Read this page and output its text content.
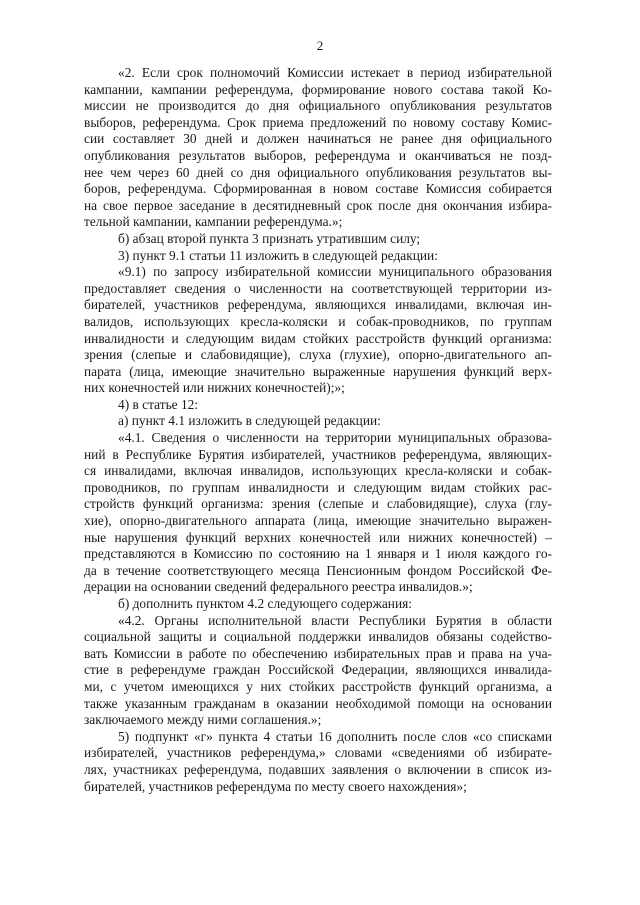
2

«2. Если срок полномочий Комиссии истекает в период избирательной
кампании, кампании референдума, формирование нового состава такой Ко-
миссии не производится до дня официального опубликования результатов
выборов, референдума. Срок приема предложений по новому составу Комис-
сии составляет 30 дней и должен начинаться не ранее дня официального
опубликования результатов выборов, референдума и оканчиваться не позд-
нее чем через 60 дней со дня официального опубликования результатов вы-
боров, референдума. Сформированная в новом составе Комиссия собирается
на свое первое заседание в десятидневный срок после дня окончания избира-
тельной кампании, кампании референдума.»;

б) абзац второй пункта 3 признать утратившим силу;

3) пункт 9.1 статьи 11 изложить в следующей редакции:

«9.1) по запросу избирательной комиссии муниципального образования
предоставляет сведения о численности на соответствующей территории из-
бирателей, участников референдума, являющихся инвалидами, включая ин-
валидов, использующих кресла-коляски и собак-проводников, по группам
инвалидности и следующим видам стойких расстройств функций организма:
зрения (слепые и слабовидящие), слуха (глухие), опорно-двигательного ап-
парата (лица, имеющие значительно выраженные нарушения функций верх-
них конечностей или нижних конечностей);»;

4) в статье 12:

а) пункт 4.1 изложить в следующей редакции:

«4.1. Сведения о численности на территории муниципальных образова-
ний в Республике Бурятия избирателей, участников референдума, являющих-
ся инвалидами, включая инвалидов, использующих кресла-коляски и собак-
проводников, по группам инвалидности и следующим видам стойких рас-
стройств функций организма: зрения (слепые и слабовидящие), слуха (глу-
хие), опорно-двигательного аппарата (лица, имеющие значительно выражен-
ные нарушения функций верхних конечностей или нижних конечностей) –
представляются в Комиссию по состоянию на 1 января и 1 июля каждого го-
да в течение соответствующего месяца Пенсионным фондом Российской Фе-
дерации на основании сведений федерального реестра инвалидов.»;

б) дополнить пунктом 4.2 следующего содержания:

«4.2. Органы исполнительной власти Республики Бурятия в области
социальной защиты и социальной поддержки инвалидов обязаны содейство-
вать Комиссии в работе по обеспечению избирательных прав и права на уча-
стие в референдуме граждан Российской Федерации, являющихся инвалида-
ми, с учетом имеющихся у них стойких расстройств функций организма, а
также указанным гражданам в оказании необходимой помощи на основании
заключаемого между ними соглашения.»;

5) подпункт «г» пункта 4 статьи 16 дополнить после слов «со списками
избирателей, участников референдума,» словами «сведениями об избирате-
лях, участниках референдума, подавших заявления о включении в список из-
бирателей, участников референдума по месту своего нахождения»;
